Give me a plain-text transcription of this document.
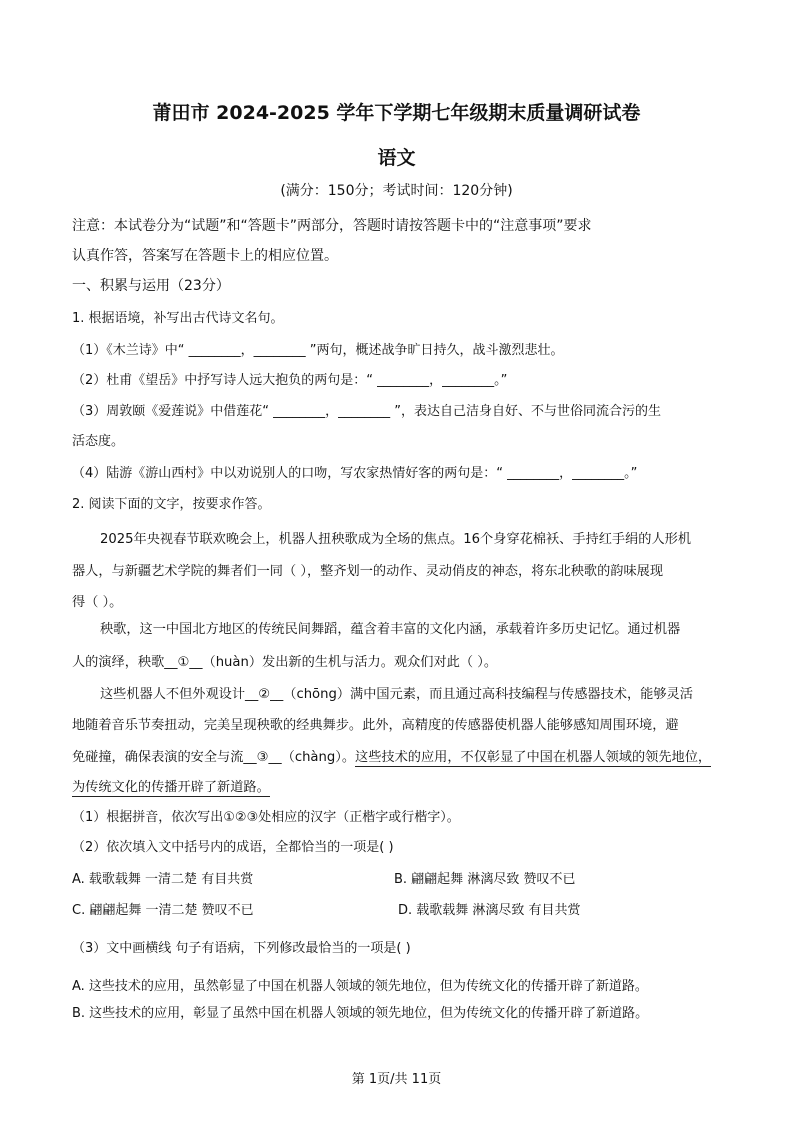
莆田市 2024-2025 学年下学期七年级期末质量调研试卷
语文
(满分：150分；考试时间：120分钟)
注意：本试卷分为“试题”和“答题卡”两部分，答题时请按答题卡中的“注意事项”要求
认真作答，答案写在答题卡上的相应位置。
一、积累与运用（23分）
1. 根据语境，补写出古代诗文名句。
（1）《木兰诗》中“ ________，________ ”两句，概述战争旷日持久，战斗激烈悲壮。
（2）杜甫《望岳》中抒写诗人远大抱负的两句是：“ ________，________。”
（3）周敦颐《爱莲说》中借莲花“ ________，________ ”，表达自己洁身自好、不与世俗同流合污的生
活态度。
（4）陆游《游山西村》中以劝说别人的口吻，写农家热情好客的两句是：“ ________，________。”
2. 阅读下面的文字，按要求作答。
2025年央视春节联欢晚会上，机器人扭秧歌成为全场的焦点。16个身穿花棉袄、手持红手绢的人形机
器人，与新疆艺术学院的舞者们一同（ ），整齐划一的动作、灵动俏皮的神态，将东北秧歌的韵味展现
得（ ）。
秧歌，这一中国北方地区的传统民间舞蹈，蕴含着丰富的文化内涵，承载着许多历史记忆。通过机器
人的演绎，秧歌__①__（huàn）发出新的生机与活力。观众们对此（ ）。
这些机器人不但外观设计__②__（chōng）满中国元素，而且通过高科技编程与传感器技术，能够灵活
地随着音乐节奏扭动，完美呈现秧歌的经典舞步。此外，高精度的传感器使机器人能够感知周围环境，避
免碰撞，确保表演的安全与流__③__（chàng）。这些技术的应用，不仅彰显了中国在机器人领域的领先地位，
为传统文化的传播开辟了新道路。
（1）根据拼音，依次写出①②③处相应的汉字（正楷字或行楷字）。
（2）依次填入文中括号内的成语，全都恰当的一项是( )
A. 载歌载舞 一清二楚 有目共赏	B. 翩翩起舞 淋漓尽致 赞叹不已
C. 翩翩起舞 一清二楚 赞叹不已	D. 载歌载舞 淋漓尽致 有目共赏
（3）文中画横线 句子有语病，下列修改最恰当的一项是( )
A. 这些技术的应用，虽然彰显了中国在机器人领域的领先地位，但为传统文化的传播开辟了新道路。
B. 这些技术的应用，彰显了虽然中国在机器人领域的领先地位，但为传统文化的传播开辟了新道路。
第 1页/共 11页
